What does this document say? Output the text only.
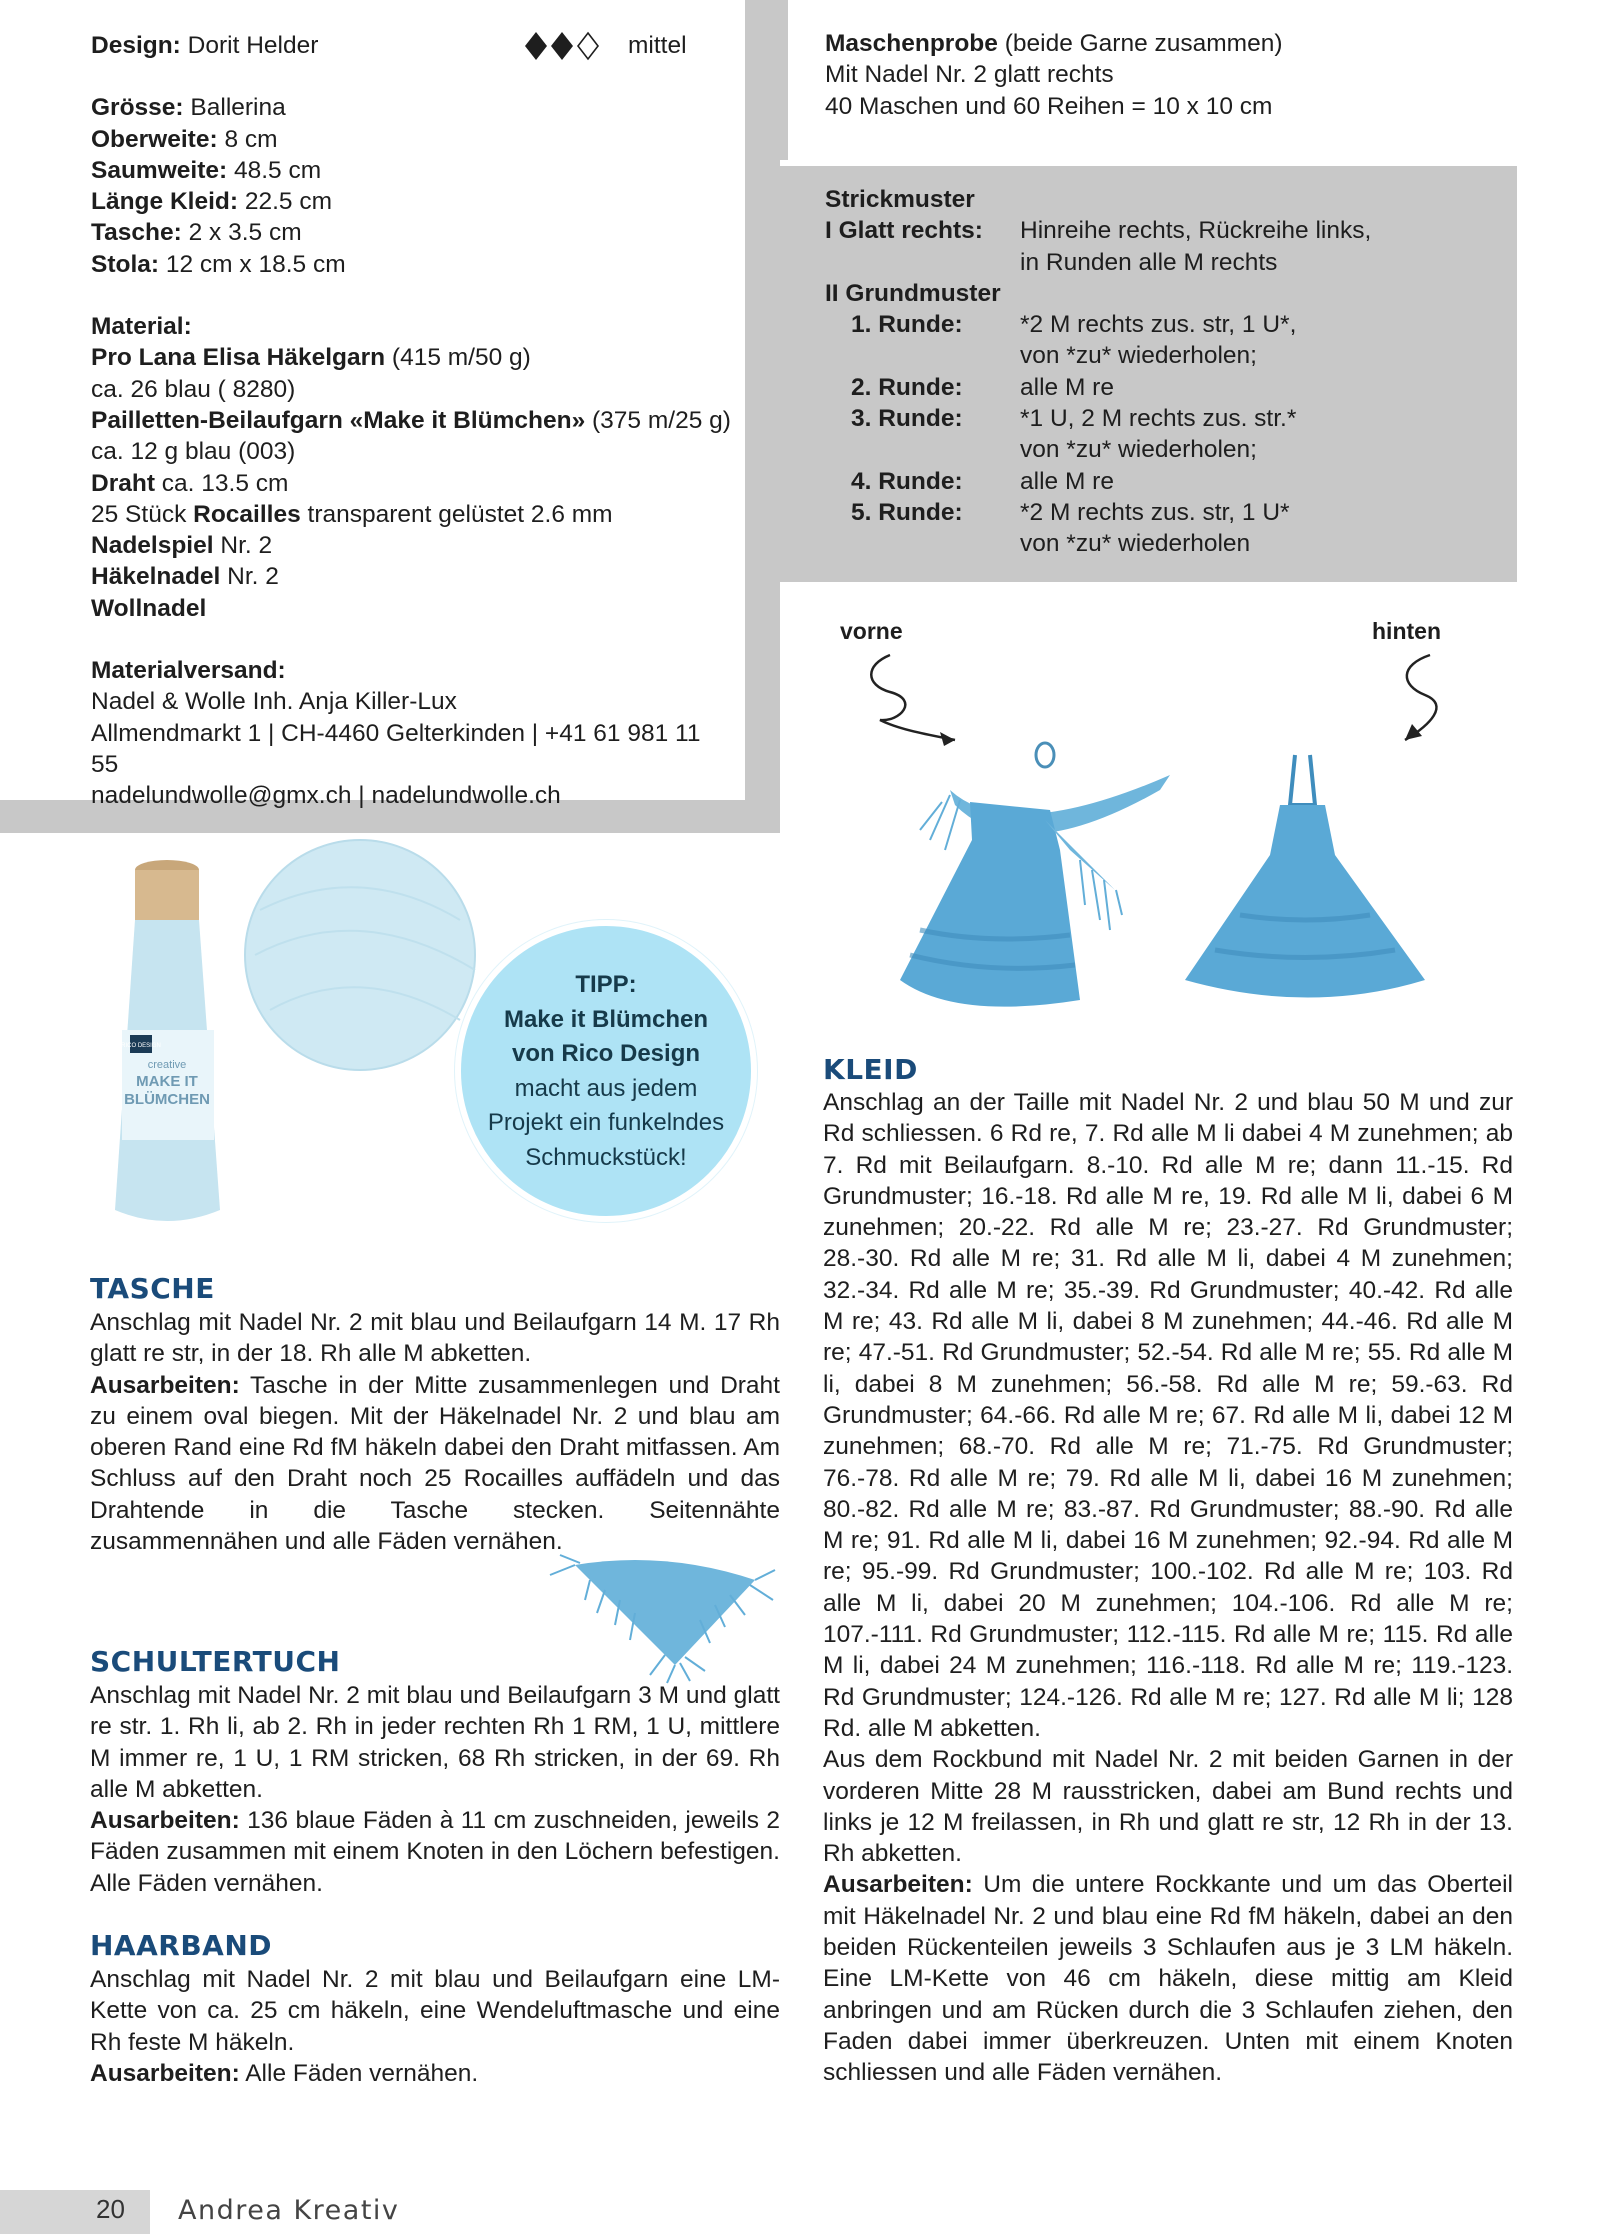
mittel

Design: Dorit Helder

Grösse: Ballerina

Oberweite: 8 cm

Saumweite: 48.5 cm

Länge Kleid: 22.5 cm

Tasche: 2 x 3.5 cm

Stola: 12 cm x 18.5 cm

Material:

Pro Lana Elisa Häkelgarn (415 m/50 g)

ca. 26 blau ( 8280)

Pailletten-Beilaufgarn «Make it Blümchen» (375 m/25 g)

ca. 12 g blau (003)

Draht ca. 13.5 cm

25 Stück Rocailles transparent gelüstet 2.6 mm

Nadelspiel Nr. 2

Häkelnadel Nr. 2

Wollnadel

Materialversand:

Nadel & Wolle Inh. Anja Killer-Lux

Allmendmarkt 1 | CH-4460 Gelterkinden | +41 61 981 11 55

nadelundwolle@gmx.ch | nadelundwolle.ch

Maschenprobe (beide Garne zusammen)

Mit Nadel Nr. 2 glatt rechts

40 Maschen und 60 Reihen = 10 x 10 cm

Strickmuster

I Glatt rechts:	Hinreihe rechts, Rückreihe links,
in Runden alle M rechts
II Grundmuster
1. Runde:	*2 M rechts zus. str, 1 U*,
von *zu* wiederholen;
2. Runde:	alle M re
3. Runde:	*1 U, 2 M rechts zus. str.*
von *zu* wiederholen;
4. Runde:	alle M re
5. Runde:	*2 M rechts zus. str, 1 U*
von *zu* wiederholen
vorne	hinten
RICO DESIGN
creative
MAKE IT
BLÜMCHEN
TIPP:
Make it Blümchen
von Rico Design
macht aus jedem
Projekt ein funkelndes
Schmuckstück!
TASCHE

Anschlag mit Nadel Nr. 2 mit blau und Beilaufgarn 14 M. 17 Rh glatt re str, in der 18. Rh alle M abketten.

Ausarbeiten: Tasche in der Mitte zusammenlegen und Draht zu einem oval biegen. Mit der Häkelnadel Nr. 2 und blau am oberen Rand eine Rd fM häkeln dabei den Draht mitfassen. Am Schluss auf den Draht noch 25 Rocailles auffädeln und das Drahtende in die Tasche stecken. Seitennähte zusammennähen und alle Fäden vernähen.

SCHULTERTUCH

Anschlag mit Nadel Nr. 2 mit blau und Beilaufgarn 3 M und glatt re str. 1. Rh li, ab 2. Rh in jeder rechten Rh 1 RM, 1 U, mittlere M immer re, 1 U, 1 RM stricken, 68 Rh stricken, in der 69. Rh alle M abketten.

Ausarbeiten: 136 blaue Fäden à 11 cm zuschneiden, jeweils 2 Fäden zusammen mit einem Knoten in den Löchern befestigen. Alle Fäden vernähen.

HAARBAND

Anschlag mit Nadel Nr. 2 mit blau und Beilaufgarn eine LM-Kette von ca. 25 cm häkeln, eine Wendeluftmasche und eine Rh feste M häkeln.

Ausarbeiten: Alle Fäden vernähen.

KLEID

Anschlag an der Taille mit Nadel Nr. 2 und blau 50 M und zur Rd schliessen. 6 Rd re, 7. Rd alle M li dabei 4 M zunehmen; ab 7. Rd mit Beilaufgarn. 8.-10. Rd alle M re; dann 11.-15. Rd Grundmuster; 16.-18. Rd alle M re, 19. Rd alle M li, dabei 6 M zunehmen; 20.-22. Rd alle M re; 23.-27. Rd Grundmuster; 28.-30. Rd alle M re; 31. Rd alle M li, dabei 4 M zunehmen; 32.-34. Rd alle M re; 35.-39. Rd Grundmuster; 40.-42. Rd alle M re; 43. Rd alle M li, dabei 8 M zunehmen; 44.-46. Rd alle M re; 47.-51. Rd Grundmuster; 52.-54. Rd alle M re; 55. Rd alle M li, dabei 8 M zunehmen; 56.-58. Rd alle M re; 59.-63. Rd Grundmuster; 64.-66. Rd alle M re; 67. Rd alle M li, dabei 12 M zunehmen; 68.-70. Rd alle M re; 71.-75. Rd Grundmuster; 76.-78. Rd alle M re; 79. Rd alle M li, dabei 16 M zunehmen; 80.-82. Rd alle M re; 83.-87. Rd Grundmuster; 88.-90. Rd alle M re; 91. Rd alle M li, dabei 16 M zunehmen; 92.-94. Rd alle M re; 95.-99. Rd Grundmuster; 100.-102. Rd alle M re; 103. Rd alle M li, dabei 20 M zunehmen; 104.-106. Rd alle M re; 107.-111. Rd Grundmuster; 112.-115. Rd alle M re; 115. Rd alle M li, dabei 24 M zunehmen; 116.-118. Rd alle M re; 119.-123. Rd Grundmuster; 124.-126. Rd alle M re; 127. Rd alle M li; 128 Rd. alle M abketten.

Aus dem Rockbund mit Nadel Nr. 2 mit beiden Garnen in der vorderen Mitte 28 M rausstricken, dabei am Bund rechts und links je 12 M freilassen, in Rh und glatt re str, 12 Rh in der 13. Rh abketten.

Ausarbeiten: Um die untere Rockkante und um das Oberteil mit Häkelnadel Nr. 2 und blau eine Rd fM häkeln, dabei an den beiden Rückenteilen jeweils 3 Schlaufen aus je 3 LM häkeln. Eine LM-Kette von 46 cm häkeln, diese mittig am Kleid anbringen und am Rücken durch die 3 Schlaufen ziehen, den Faden dabei immer überkreuzen. Unten mit einem Knoten schliessen und alle Fäden vernähen.

20 Andrea Kreativ
